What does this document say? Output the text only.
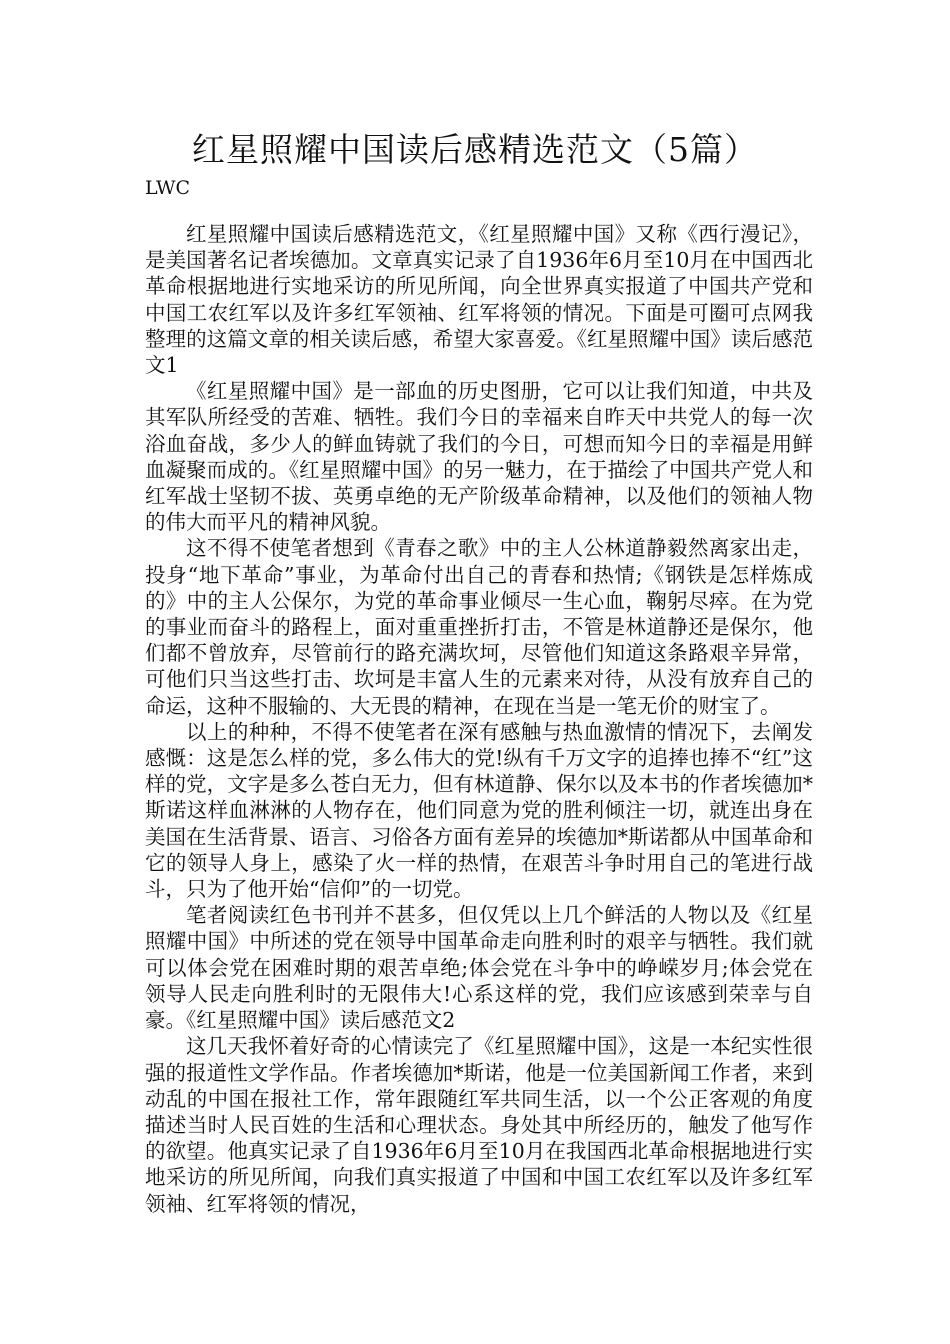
红星照耀中国读后感精选范文（5篇）
LWC

红星照耀中国读后感精选范文，《红星照耀中国》又称《西行漫记》，是美国著名记者埃德加。文章真实记录了自1936年6月至10月在中国西北革命根据地进行实地采访的所见所闻，向全世界真实报道了中国共产党和中国工农红军以及许多红军领袖、红军将领的情况。下面是可圈可点网我整理的这篇文章的相关读后感，希望大家喜爱。《红星照耀中国》读后感范文1

《红星照耀中国》是一部血的历史图册，它可以让我们知道，中共及其军队所经受的苦难、牺牲。我们今日的幸福来自昨天中共党人的每一次浴血奋战，多少人的鲜血铸就了我们的今日，可想而知今日的幸福是用鲜血凝聚而成的。《红星照耀中国》的另一魅力，在于描绘了中国共产党人和红军战士坚韧不拔、英勇卓绝的无产阶级革命精神，以及他们的领袖人物的伟大而平凡的精神风貌。

这不得不使笔者想到《青春之歌》中的主人公林道静毅然离家出走，投身“地下革命”事业，为革命付出自己的青春和热情;《钢铁是怎样炼成的》中的主人公保尔，为党的革命事业倾尽一生心血，鞠躬尽瘁。在为党的事业而奋斗的路程上，面对重重挫折打击，不管是林道静还是保尔，他们都不曾放弃，尽管前行的路充满坎坷，尽管他们知道这条路艰辛异常，可他们只当这些打击、坎坷是丰富人生的元素来对待，从没有放弃自己的命运，这种不服输的、大无畏的精神，在现在当是一笔无价的财宝了。

以上的种种，不得不使笔者在深有感触与热血激情的情况下，去阐发感慨：这是怎么样的党，多么伟大的党!纵有千万文字的追捧也捧不“红”这样的党，文字是多么苍白无力，但有林道静、保尔以及本书的作者埃德加*斯诺这样血淋淋的人物存在，他们同意为党的胜利倾注一切，就连出身在美国在生活背景、语言、习俗各方面有差异的埃德加*斯诺都从中国革命和它的领导人身上，感染了火一样的热情，在艰苦斗争时用自己的笔进行战斗，只为了他开始“信仰”的一切党。

笔者阅读红色书刊并不甚多，但仅凭以上几个鲜活的人物以及《红星照耀中国》中所述的党在领导中国革命走向胜利时的艰辛与牺牲。我们就可以体会党在困难时期的艰苦卓绝;体会党在斗争中的峥嵘岁月;体会党在领导人民走向胜利时的无限伟大!心系这样的党，我们应该感到荣幸与自豪。《红星照耀中国》读后感范文2

这几天我怀着好奇的心情读完了《红星照耀中国》，这是一本纪实性很强的报道性文学作品。作者埃德加*斯诺，他是一位美国新闻工作者，来到动乱的中国在报社工作，常年跟随红军共同生活，以一个公正客观的角度描述当时人民百姓的生活和心理状态。身处其中所经历的，触发了他写作的欲望。他真实记录了自1936年6月至10月在我国西北革命根据地进行实地采访的所见所闻，向我们真实报道了中国和中国工农红军以及许多红军领袖、红军将领的情况，
